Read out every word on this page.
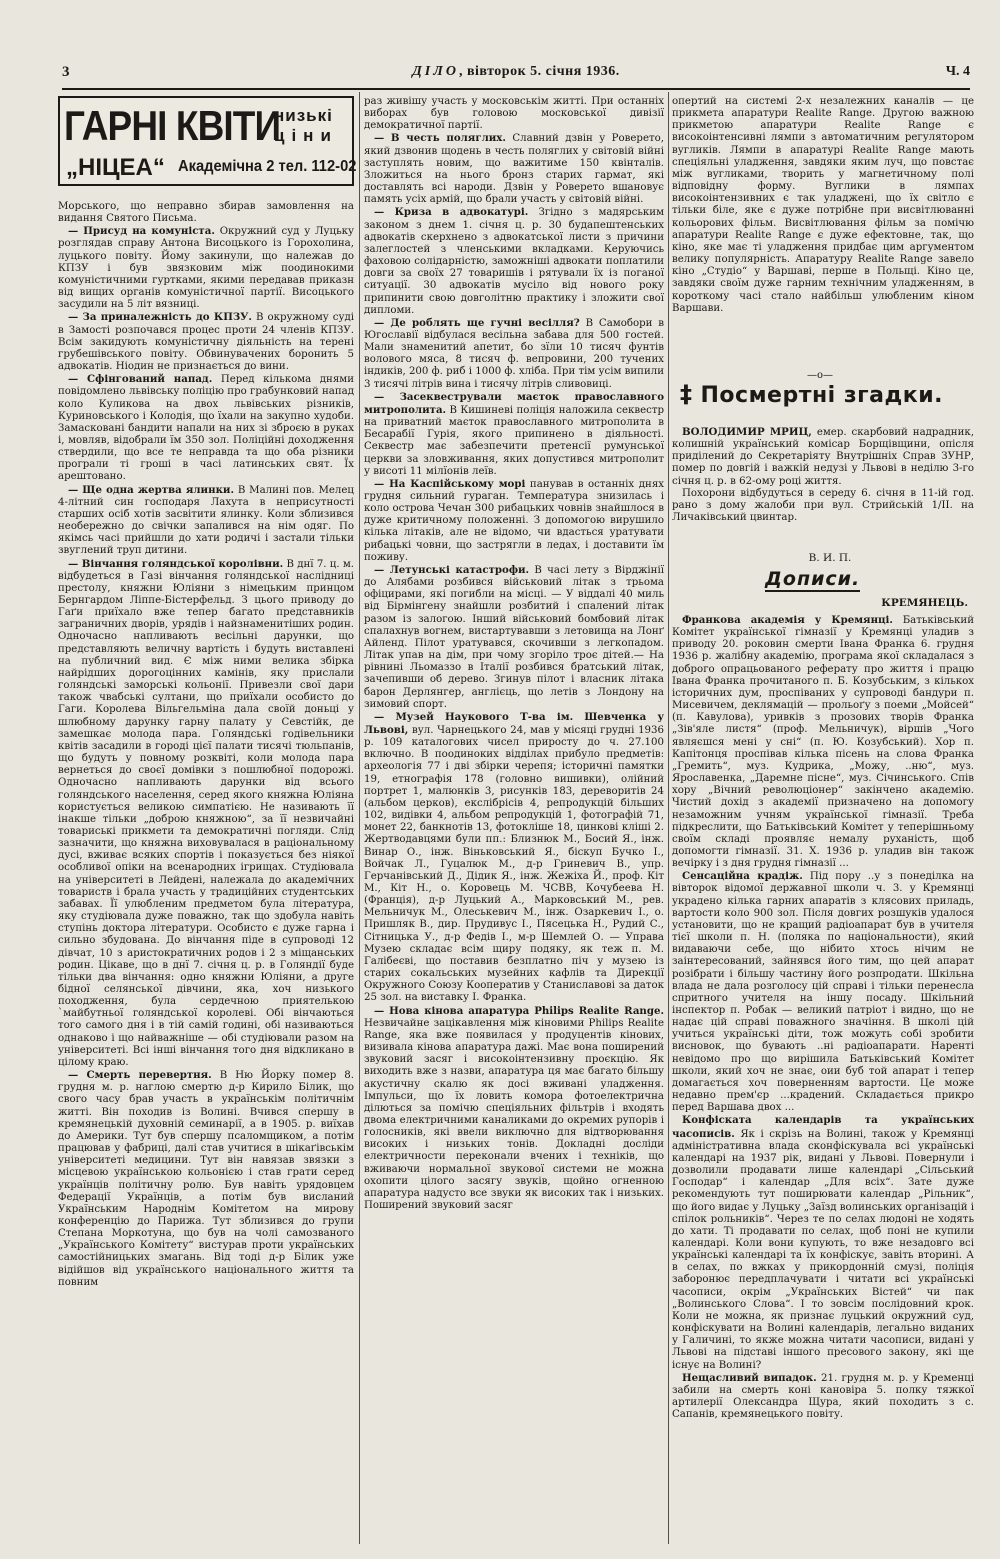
3	ДІЛО, вівторок 5. січня 1936.	Ч. 4
ГАРНІ КВІТИ
низькі
ціни
„НІЦЕА“ Академічна 2 тел. 112-02

Морського, що неправно збирав замовлення на видання Святого Письма.

— Присуд на комуніста. Окружний суд у Луцьку розглядав справу Антона Висоцького із Горохолина, луцького повіту. Йому закинули, що належав до КПЗУ і був звязковим між поодинокими комуністичними гуртками, якими передавав приказн від вищих органів комуністичної партії. Висоцького засудили на 5 літ вязниці.

— За приналежність до КПЗУ. В окружному суді в Замості розпочався процес проти 24 членів КПЗУ. Всім закидують комуністичну діяльність на терені грубешівського повіту. Обвинувачених боронить 5 адвокатів. Ніодин не признається до вини.

— Сфінгований напад. Перед кількома днями повідомлено львівську поліцію про грабунковий напад коло Куликова на двох львівських різників, Куриновського і Колодія, що їхали на закупно худоби. Замасковані бандити напали на них зі зброєю в руках і, мовляв, відобрали їм 350 зол. Поліційні доходження ствердили, що все те неправда та що оба різники програли ті гроші в часі латинських свят. Їх арештовано.

— Ще одна жертва ялинки. В Малині пов. Мелец 4-літний син господаря Лахута в неприсутності старших осіб хотів засвітити ялинку. Коли зблизився необережно до свічки запалився на нім одяг. По якімсь часі прийшли до хати родичі і застали тільки звуглений труп дитини.

— Вінчання голяндської королівни. В днї 7. ц. м. відбудеться в Газі вінчання голяндської наслідниці престолу, княжни Юліяни з німецьким принцом Бернгардом Ліппе-Бістерфельд. З цього приводу до Гаґи приїхало вже тепер багато представників заграничних дворів, урядів і найзнаменитіших родин. Одночасно напливають весільні дарунки, що представляють величну вартість і будуть виставлені на публичний вид. Є між ними велика збірка найрідших дорогоцінних камінів, яку прислали голяндські заморські кольонії. Привезли свої дари також чвабські султани, що приїхали особисто до Гаги. Королева Вільгельміна дала своїй доньці у шлюбному дарунку гарну палату у Севстійк, де замешкає молода пара. Голяндські годівельники квітів засадили в городі цієї палати тисячі тюльпанів, що будуть у повному розквіті, коли молода пара вернеться до своєї домівки з пошлюбної подорожі. Одночасно напливають дарунки від всього голяндського населення, серед якого княжна Юліяна користується великою симпатією. Не називають її інакше тільки „доброю княжною“, за її незвичайні товариські прикмети та демократичні погляди. Слід зазначити, що княжна виховувалася в раціональному дусі, вживає всяких спортів і показується без ніякої особливої опіки на всенародних ігрищах. Студіювала на університеті в Лейдені, належала до академічних товариств і брала участь у традиційних студентських забавах. Її улюбленим предметом була література, яку студіювала дуже поважно, так що здобула навіть ступінь доктора літератури. Особисто є дуже гарна і сильно збудована. До вінчання піде в супроводі 12 дівчат, 10 з аристократичних родов і 2 з міщанських родин. Цікаве, що в днї 7. січня ц. р. в Голяндії буде тільки два вінчання: одно княжни Юліяни, а друге бідної селянської дівчини, яка, хоч низького походження, була сердечною приятелькою `майбутньої голяндської королеві. Обі вінчаються того самого дня і в тій самій годині, обі називаються однаково і що найважніше — обі студіювали разом на університеті. Всі інші вінчання того дня відкликано в цілому краю.

— Смерть перевертня. В Ню Йорку помер 8. грудня м. р. наглою смертю д-р Кирило Білик, що свого часу брав участь в українськім політичнім житті. Він походив із Волині. Вчився спершу в кремянецькій духовній семинарії, а в 1905. р. виїхав до Америки. Тут був спершу псаломщиком, а потім працював у фабриці, далі став учитися в шікаґівськім університеті медицини. Тут він навязав звязки з місцевою українською кольонією і став грати серед українців політичну ролю. Був навіть урядовцем Федерації Українців, а потім був висланий Українським Народнім Комітетом на мирову конференцію до Парижа. Тут зблизився до групи Степана Моркотуна, що був на чолі самозваного „Українського Комітету“ вистурав проти українських самостійницьких змагань. Від тоді д-р Білик уже відійшов від українського національного життя та повним

раз живішу участь у московськім житті. При останніх виборах був головою московської дивізії демократичної партії.

— В честь поляглих. Славний дзвін у Роверето, який дзвонив щодень в честь поляглих у світовій війні заступлять новим, що важитиме 150 квінталів. Зложиться на нього бронз старих гармат, які доставлять всі народи. Дзвін у Роверето вшановує память усіх армій, що брали участь у світовій війні.

— Криза в адвокатурі. Згідно з мадярським законом з днем 1. січня ц. р. 30 будапештенських адвокатів скерхнено з адвокатської листи з причини залеглостей з членськими вкладками. Керуючись фаховою солідарністю, заможніші адвокати поплатили довги за своїх 27 товаришів і рятували їх із поганої ситуації. 30 адвокатів мусіло від нового року припинити свою довголітню практику і зложити свої дипломи.

— Де роблять ще гучні весілля? В Самобори в Югославії відбулася весільна забава для 500 гостей. Мали знаменитий апетит, бо зїли 10 тисяч фунтів волового мяса, 8 тисяч ф. вепровини, 200 тучених індиків, 200 ф. риб і 1000 ф. хліба. При тім усім випили 3 тисячі літрів вина і тисячу літрів сливовиці.

— Засеквестрували маєток православного митрополита. В Кишиневі поліція наложила секвестр на приватний маєток православного митрополита в Бесарабії Гурія, якого припинено в діяльності. Секвестр має забезпечити претенсії румунської церкви за зловживання, яких допустився митрополит у висоті 11 мілїонів леїв.

— На Каспійському морі панував в останніх днях грудня сильний гураган. Температура знизилась і коло острова Чечан 300 рибацьких човнів знайшлося в дуже критичному положенні. З допомогою вирушило кілька літаків, але не відомо, чи вдасться уратувати рибацькі човни, що застрягли в ледах, і доставити їм поживу.

— Летунські катастрофи. В часі лету з Вірджінії до Алябами розбився військовий літак з трьома офіцирами, які погибли на місці. — У віддалі 40 миль від Бірмінгену знайшли розбитий і спалений літак разом із залогою. Інший військовий бомбовий літак спалахнув вогнем, вистартувавши з летовища на Лонґ Айленд. Пілот уратувався, скочивши з легкопадом. Літак упав на дім, при чому згоріло троє дітей.— На рівнині Льомаззо в Італії розбився братський літак, зачепивши об дерево. Згинув пілот і власник літака барон Дерлянгер, англієць, що летів з Лондону на зимовий спорт.

— Музей Наукового Т-ва ім. Шевченка у Львові, вул. Чарнецького 24, мав у місяці грудні 1936 р. 109 каталогових чисел приросту до ч. 27.100 включно. В поодиноких відділах прибуло предметів: археологія 77 і дві збірки черепя; історичні памятки 19, етнографія 178 (головно вишивки), олійний портрет 1, малюнків 3, рисунків 183, дереворитів 24 (альбом церков), екслібрісів 4, репродукцій більших 102, видівки 4, альбом репродукцій 1, фотографій 71, монет 22, банкнотів 13, фотокліше 18, цинкові кліші 2. Жертводавцями були пп.: Близнюк М., Босий Я., інж. Винар О., інж. Віньковський Я., біскуп Бучко І., Войчак Л., Гуцалюк М., д-р Гриневич В., упр. Герчанівський Д., Дідик Я., інж. Жежіха Й., проф. Кіт М., Кіт Н., о. Коровець М. ЧСВВ, Кочубеева Н. (Франція), д-р Луцький А., Марковський М., рев. Мельничук М., Олеськевич М., інж. Озаркевич І., о. Пришляк В., дир. Прудивус І., Пясецька Н., Рудий С., Сітницька У., д-р Федів І., м-р Шемлей О. — Управа Музею складає всім щиру подяку, як теж п. М. Галібеєві, що поставив безплатно піч у музею із старих сокальських музейних кафлів та Дирекції Окружного Союзу Кооператив у Станиславові за даток 25 зол. на виставку І. Франка.

— Нова кінова апаратура Philips Realite Range. Незвичайне зацікавлення між кіновими Philips Realite Range, яка вже появилася у продуцентів кінових, визивала кінова апаратура дажі. Має вона поширений звуковий засяг і високоінтензивну проєкцію. Як виходить вже з назви, апаратура ця має багато більшу акустичну скалю як досі вживані уладження. Імпульси, що їх ловить комора фотоелектрична ділються за помічю спеціяльних фільтрів і входять двома електричними каналиками до окремих рупорів і голосників, які ввели виключно для відтворювання високих і низьких тонів. Докладні досліди електричности переконали вчених і техніків, що вживаючи нормальної звукової системи не можна охопити цілого засягу звуків, щойно огненною апаратура надусто все звуки як високих так і низьких. Поширений звуковий засяг

опертий на системі 2-х незалежних каналів — це прикмета апаратури Realite Range. Другою важною прикметою апаратури Realite Range є високоінтенсивні лямпи з автоматичним регулятором вугликів. Лямпи в апаратурі Realite Range мають спеціяльні уладження, завдяки яким луч, що повстає між вугликами, творить у магнетичному полі відповідну форму. Вуглики в лямпах високоінтензивних є так уладжені, що їх світло є тільки біле, яке є дуже потрібне при висвітлюванні кольорових фільм. Висвітлювання фільм за помічю апаратури Realite Range є дуже ефектовне, так, що кіно, яке має ті уладження придбає цим аргументом велику популярність. Апаратуру Realite Range завело кіно „Студіо“ у Варшаві, перше в Польщі. Кіно це, завдяки своїм дуже гарним технічним уладженням, в короткому часі стало найбільш улюбленим кіном Варшави.

—o—
‡ Посмертні згадки.

ВОЛОДИМИР МРИЦ, емер. скарбовий надрадник, колишній український комісар Борщівщини, опісля приділений до Секретаріяту Внутрішніх Справ ЗУНР, помер по довгій і важкій недузі у Львові в неділю 3-го січня ц. р. в 62-ому році життя.

Похорони відбудуться в середу 6. січня в 11-ій год. рано з дому жалоби при вул. Стрийській 1/ІІ. на Личаківський цвинтар.

В. И. П.
Дописи.
КРЕМЯНЕЦЬ.

Франкова академія у Кремянці. Батьківський Комітет української гімназії у Кремянці уладив з приводу 20. роковин смерти Івана Франка 6. грудня 1936 р. жалібну академію, програма якої складалася з доброго опрацьованого реферату про життя і працю Івана Франка прочитаного п. Б. Козубським, з кількох історичних дум, проспіваних у супроводі бандури п. Мисевичем, деклямацій — прольоґу з поеми „Мойсей“ (п. Кавулова), уривків з прозових творів Франка „Зів'яле листя“ (проф. Мельничук), віршів „Чого являєшся мені у сні“ (п. Ю. Козубський). Хор п. Капітонця проспівав кілька пісень на слова Франка „Гремить“, муз. Кудрика, „Можу, ..ню“, муз. Ярославенка, „Даремне пісне“, муз. Січинського. Спів хору „Вічний революціонер“ закінчено академію. Чистий дохід з академії призначено на допомогу незаможним учням української гімназії. Треба підкреслити, що Батьківський Комітет у теперішньому своїм складі проявляє немалу руханість, щоб допомогти гімназії. 31. Х. 1936 р. уладив він також вечірку і з дня грудня гімназії ...

Сенсаційна крадіж. Під пору ..у з понеділка на вівторок відомої державної школи ч. 3. у Кремянці украдено кілька гарних апаратів з клясових приладь, вартости коло 900 зол. Після довгих розшуків удалося установити, що не кращий радіоапарат був в учителя тієї школи п. Н. (поляка по національности), який видаваючи себе, що нібито хтось нічим не заінтересований, зайнявся його тим, що цей апарат розібрати і більшу частину його розпродати. Шкільна влада не дала розголосу цій справі і тільки перенесла спритного учителя на іншу посаду. Шкільний інспектор п. Робак — великий патріот і видно, що не надає цій справі поважного значіння. В школі цій учиться українські діти, тож можуть собі зробити висновок, що бувають ..ні радіоапарати. Наренті невідомо про що вирішила Батьківський Комітет школи, який хоч не знає, оии буб той апарат і тепер домагається хоч поверненням вартости. Це може недавно прем'єр ...крадений. Складається прикро перед Варшава двох ...

Конфіската календарів та українських часописів. Як і скрізь на Волині, також у Кремянці адміністративна влада сконфіскувала всі українські календарі на 1937 рік, видані у Львові. Повернули і дозволили продавати лише календарі „Сільський Господар“ і календар „Для всіх“. Зате дуже рекомендують тут поширювати календар „Рільник“, що його видає у Луцьку „Заїзд волинських організацій і спілок рольників“. Через те по селах людоні не ходять до хати. Ті продавати по селах, щоб поні не купили календарі. Коли вони купують, то вже незадовго всі українські календарі та їх конфіскує, завіть вторині. А в селах, по вжках у прикордонній смузі, поліція заборонює передплачувати і читати всі українські часописи, окрім „Українських Вістей“ чи пак „Волинського Слова“. І то зовсім послідовний крок. Коли не можна, як признає луцький окружний суд, конфіскувати на Волині календарів, легально виданих у Галичині, то якже можна читати часописи, видані у Львові на підставі іншого пресового закону, які ще існує на Волині?

Нещасливий випадок. 21. грудня м. р. у Кременці забили на смерть коні кановіра 5. полку тяжкої артилерії Олександра Щура, який походить з с. Сапанів, кремянецького повіту.
